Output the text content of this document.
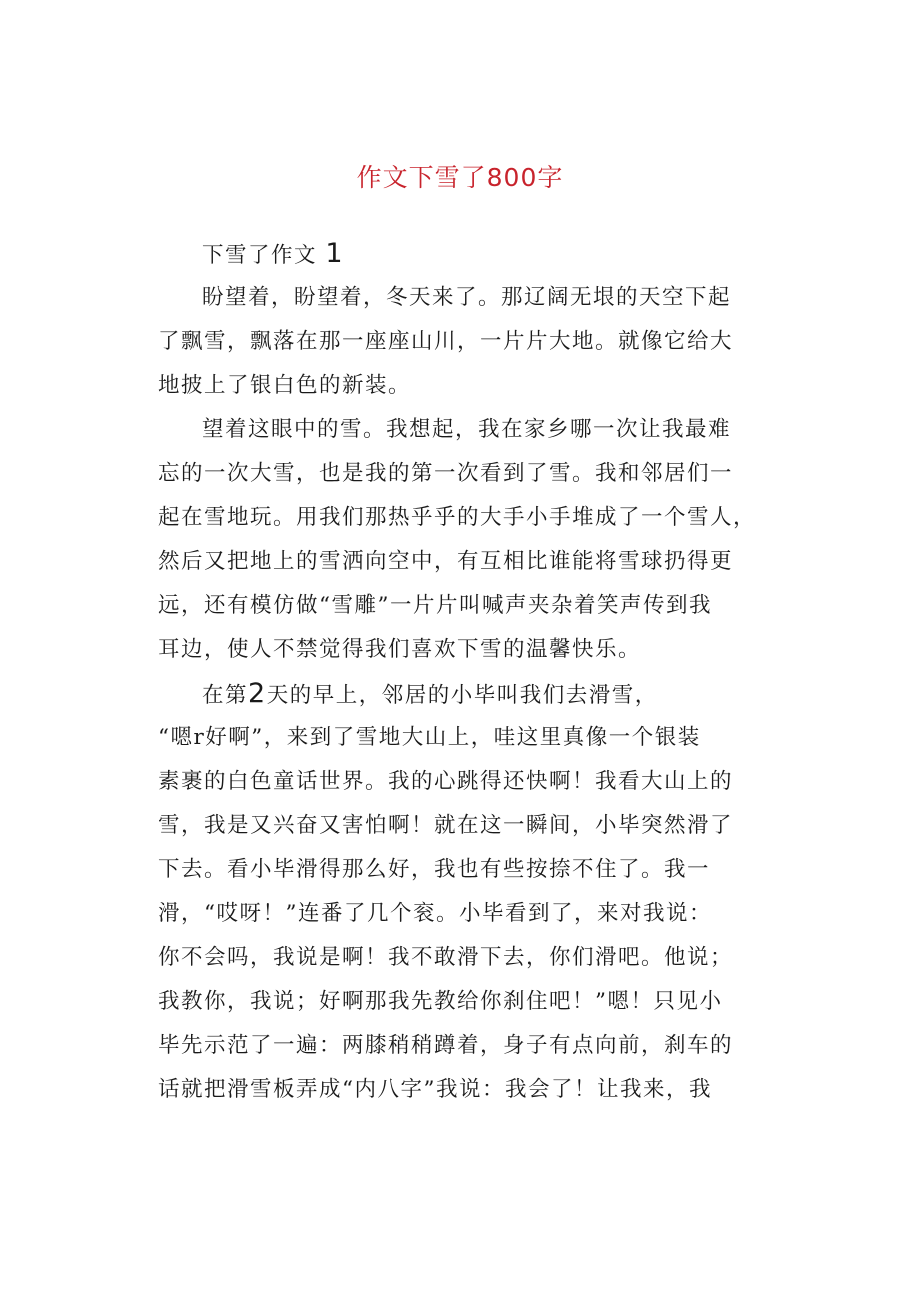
作文下雪了800字
下雪了作文 1
盼望着，盼望着，冬天来了。那辽阔无垠的天空下起
了飘雪，飘落在那一座座山川，一片片大地。就像它给大
地披上了银白色的新装。
望着这眼中的雪。我想起，我在家乡哪一次让我最难
忘的一次大雪，也是我的第一次看到了雪。我和邻居们一
起在雪地玩。用我们那热乎乎的大手小手堆成了一个雪人，
然后又把地上的雪洒向空中，有互相比谁能将雪球扔得更
远，还有模仿做“雪雕”一片片叫喊声夹杂着笑声传到我
耳边，使人不禁觉得我们喜欢下雪的温馨快乐。
在第2天的早上，邻居的小毕叫我们去滑雪，
“嗯r好啊”，来到了雪地大山上，哇这里真像一个银装
素裹的白色童话世界。我的心跳得还快啊！我看大山上的
雪，我是又兴奋又害怕啊！就在这一瞬间，小毕突然滑了
下去。看小毕滑得那么好，我也有些按捺不住了。我一
滑，“哎呀！”连番了几个衮。小毕看到了，来对我说：
你不会吗，我说是啊！我不敢滑下去，你们滑吧。他说；
我教你，我说；好啊那我先教给你刹住吧！”嗯！只见小
毕先示范了一遍：两膝稍稍蹲着，身子有点向前，刹车的
话就把滑雪板弄成“内八字”我说：我会了！让我来，我
